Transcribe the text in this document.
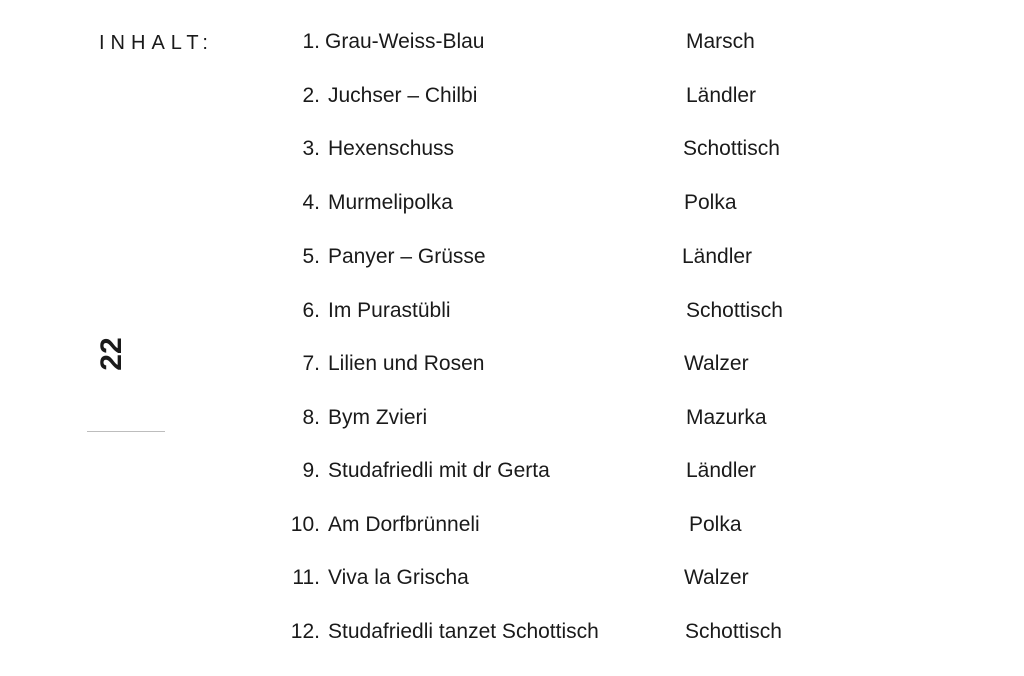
INHALT:
22
1. Grau-Weiss-Blau	Marsch
2. Juchser – Chilbi	Ländler
3. Hexenschuss	Schottisch
4. Murmelipolka	Polka
5. Panyer – Grüsse	Ländler
6. Im Purastübli	Schottisch
7. Lilien und Rosen	Walzer
8. Bym Zvieri	Mazurka
9. Studafriedli mit dr Gerta	Ländler
10. Am Dorfbrünneli	Polka
11. Viva la Grischa	Walzer
12. Studafriedli tanzet Schottisch	Schottisch
